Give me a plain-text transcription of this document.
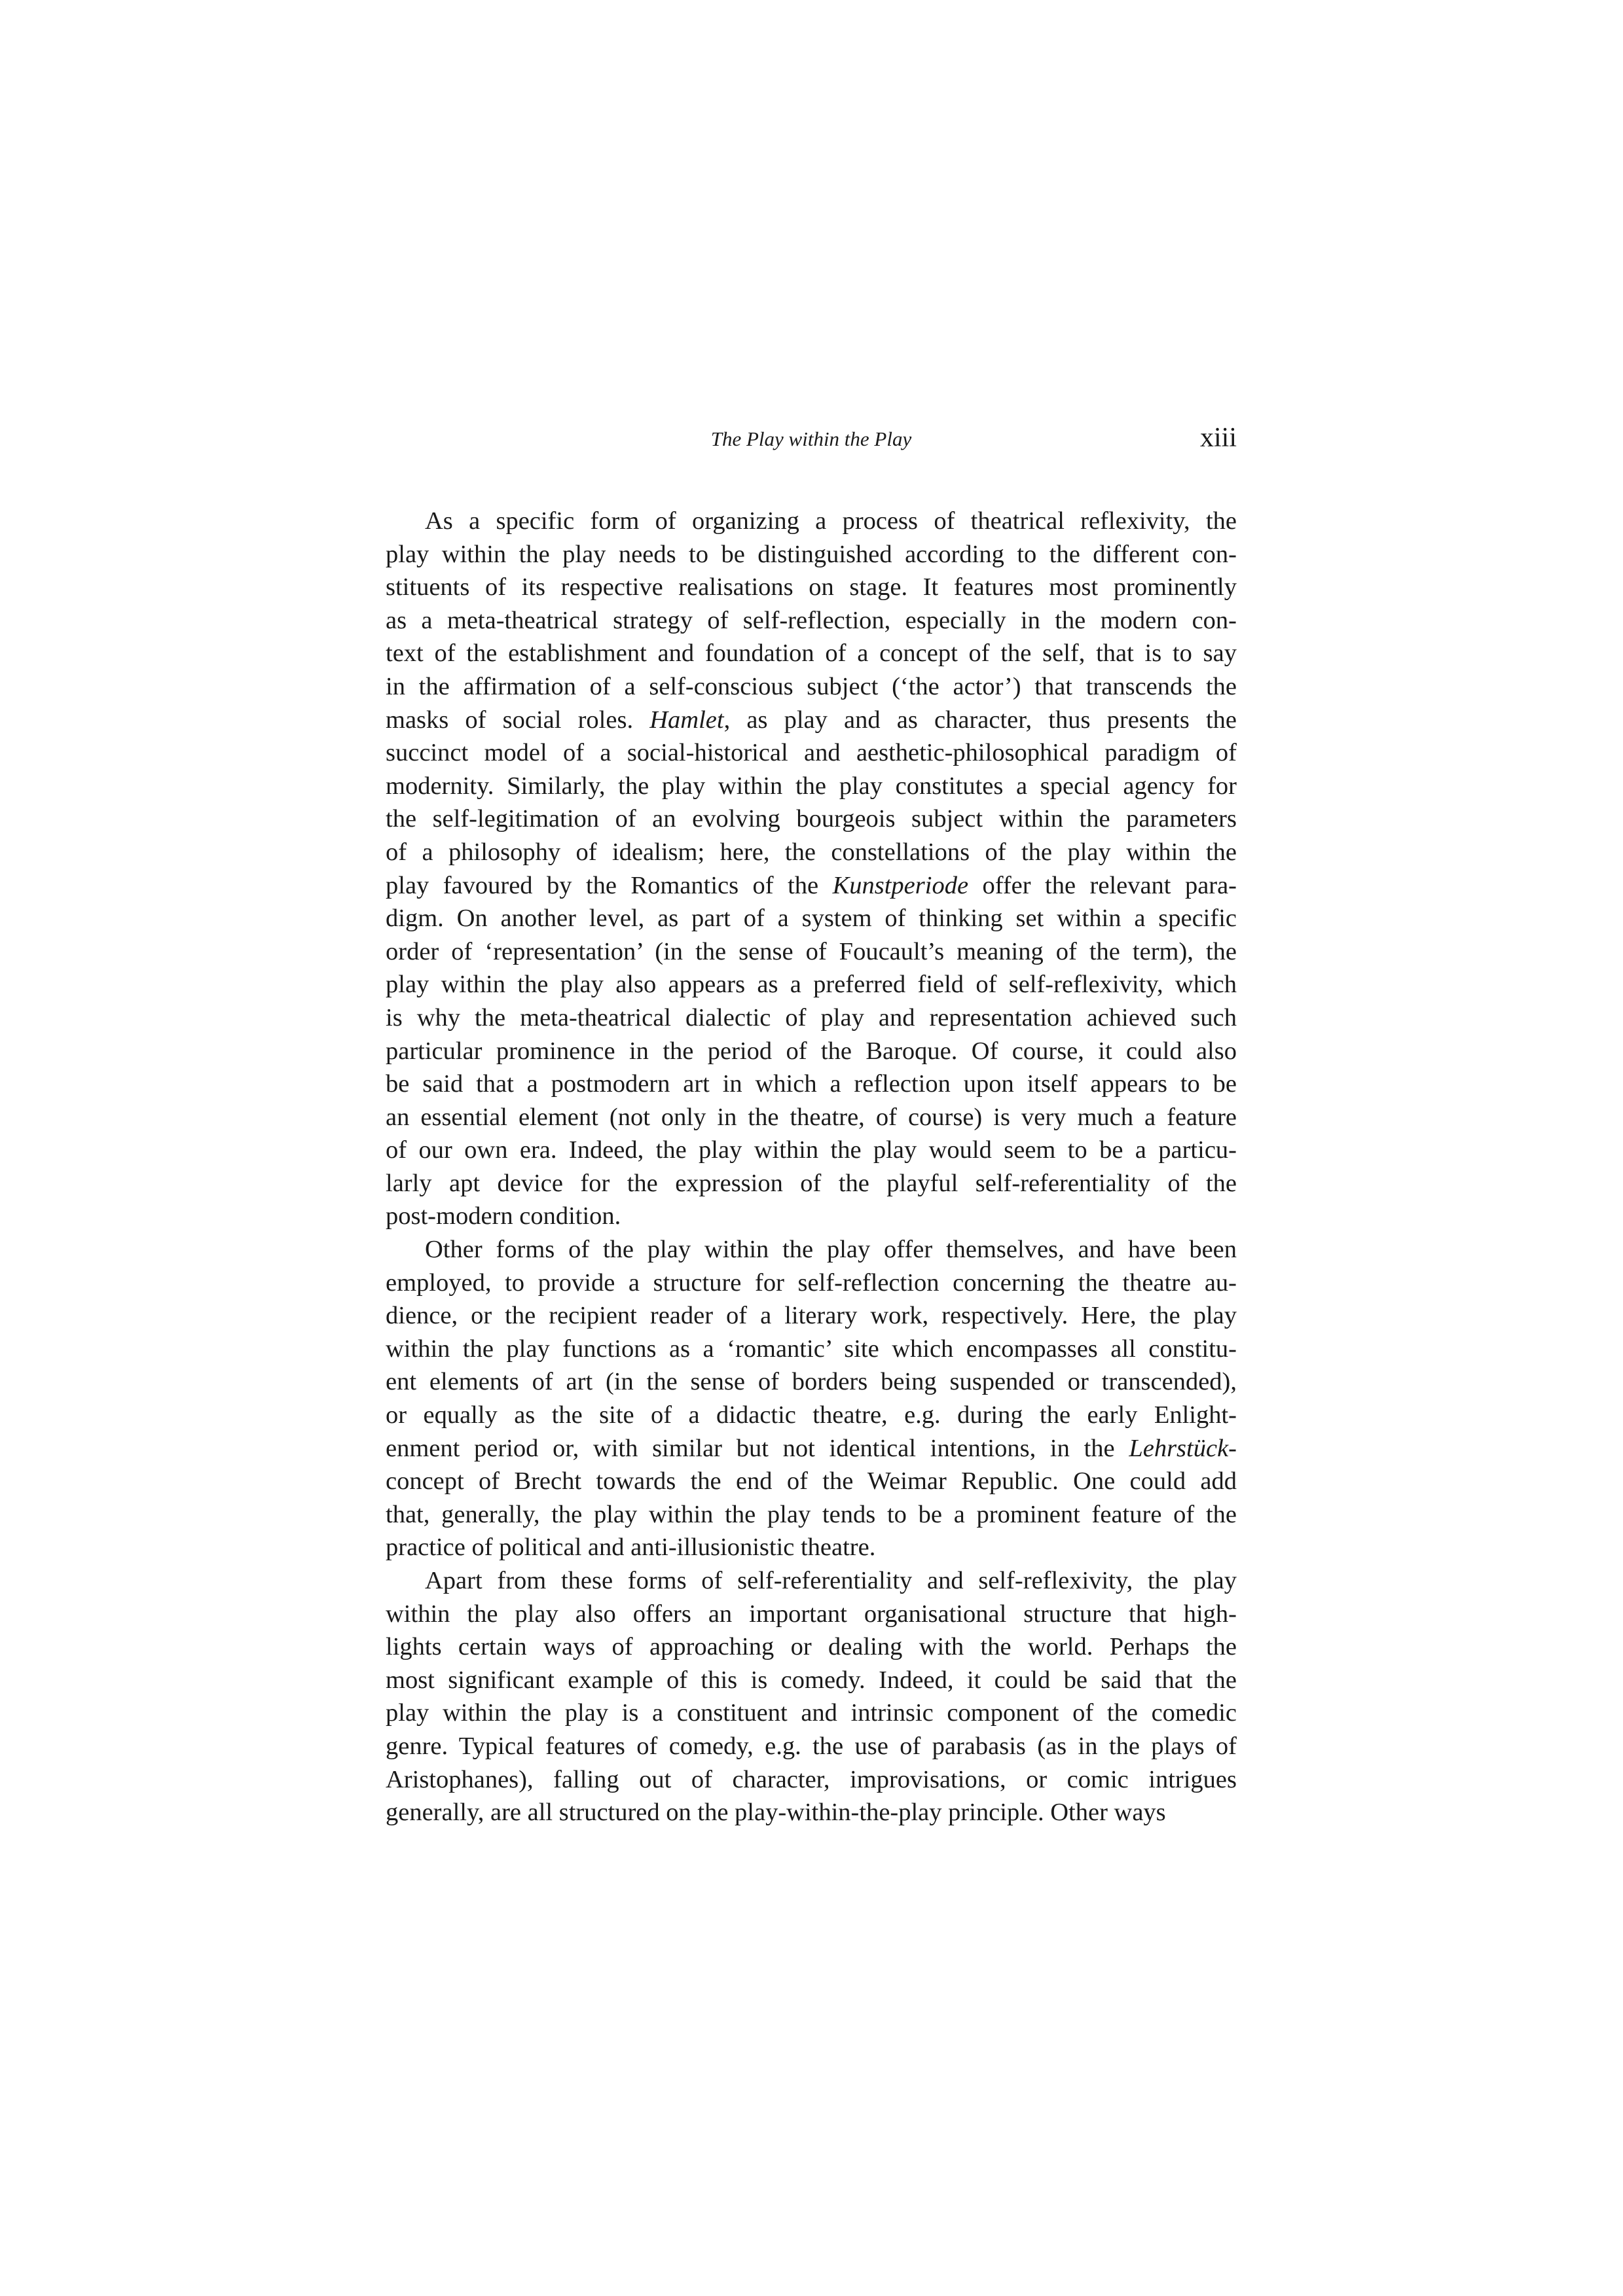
The Play within the Play	xiii
As a specific form of organizing a process of theatrical reflexivity, the
play within the play needs to be distinguished according to the different con-
stituents of its respective realisations on stage. It features most prominently
as a meta-theatrical strategy of self-reflection, especially in the modern con-
text of the establishment and foundation of a concept of the self, that is to say
in the affirmation of a self-conscious subject (‘the actor’) that transcends the
masks of social roles. Hamlet, as play and as character, thus presents the
succinct model of a social-historical and aesthetic-philosophical paradigm of
modernity. Similarly, the play within the play constitutes a special agency for
the self-legitimation of an evolving bourgeois subject within the parameters
of a philosophy of idealism; here, the constellations of the play within the
play favoured by the Romantics of the Kunstperiode offer the relevant para-
digm. On another level, as part of a system of thinking set within a specific
order of ‘representation’ (in the sense of Foucault’s meaning of the term), the
play within the play also appears as a preferred field of self-reflexivity, which
is why the meta-theatrical dialectic of play and representation achieved such
particular prominence in the period of the Baroque. Of course, it could also
be said that a postmodern art in which a reflection upon itself appears to be
an essential element (not only in the theatre, of course) is very much a feature
of our own era. Indeed, the play within the play would seem to be a particu-
larly apt device for the expression of the playful self-referentiality of the
post-modern condition.
Other forms of the play within the play offer themselves, and have been
employed, to provide a structure for self-reflection concerning the theatre au-
dience, or the recipient reader of a literary work, respectively. Here, the play
within the play functions as a ‘romantic’ site which encompasses all constitu-
ent elements of art (in the sense of borders being suspended or transcended),
or equally as the site of a didactic theatre, e.g. during the early Enlight-
enment period or, with similar but not identical intentions, in the Lehrstück-
concept of Brecht towards the end of the Weimar Republic. One could add
that, generally, the play within the play tends to be a prominent feature of the
practice of political and anti-illusionistic theatre.
Apart from these forms of self-referentiality and self-reflexivity, the play
within the play also offers an important organisational structure that high-
lights certain ways of approaching or dealing with the world. Perhaps the
most significant example of this is comedy. Indeed, it could be said that the
play within the play is a constituent and intrinsic component of the comedic
genre. Typical features of comedy, e.g. the use of parabasis (as in the plays of
Aristophanes), falling out of character, improvisations, or comic intrigues
generally, are all structured on the play-within-the-play principle. Other ways
